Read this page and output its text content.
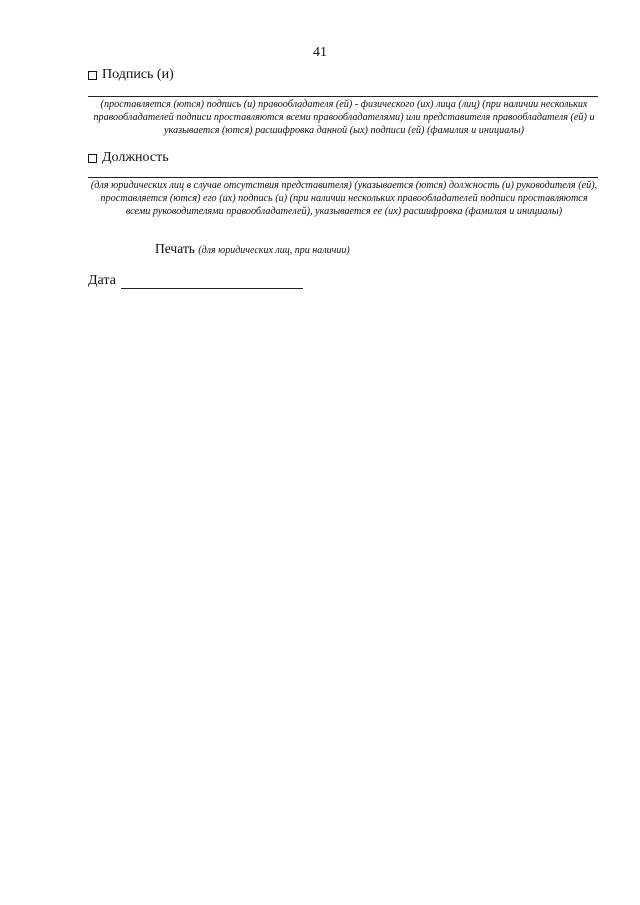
41
Подпись (и)
(проставляется (ются) подпись (и) правообладателя (ей) - физического (их) лица (лиц) (при наличии нескольких правообладателей подписи проставляются всеми правообладателями) или представителя правообладателя (ей) и указывается (ются) расшифровка данной (ых) подписи (ей) (фамилия и инициалы)
Должность
(для юридических лиц в случае отсутствия представителя) (указывается (ются) должность (и) руководителя (ей), проставляется (ются) его (их) подпись (и) (при наличии нескольких правообладателей подписи проставляются всеми руководителями правообладателей), указывается ее (их) расшифровка (фамилия и инициалы)
Печать (для юридических лиц, при наличии)
Дата
